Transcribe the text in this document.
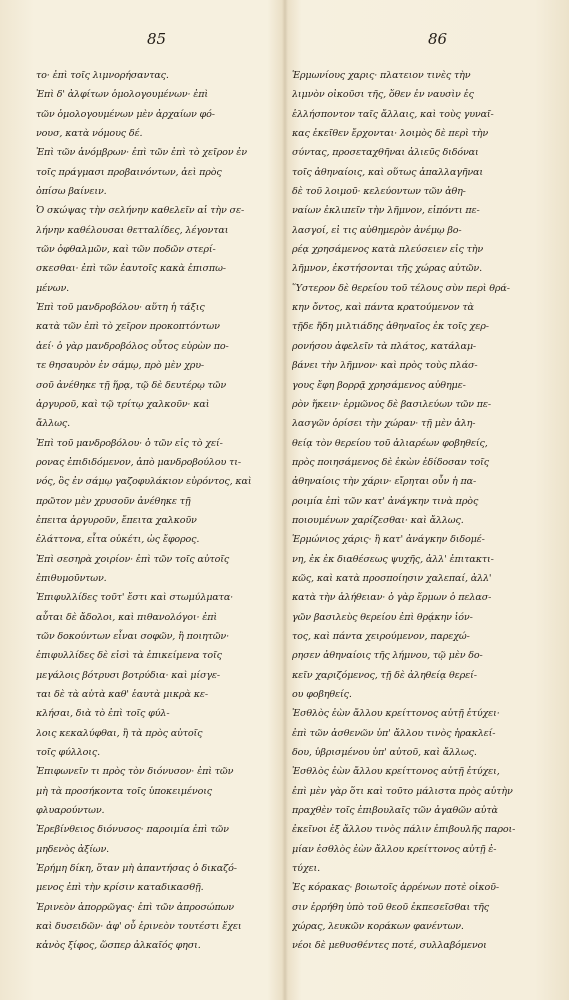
85	86
το· ἐπὶ τοῖς λιμνορήσαντας.
Ἐπὶ δ' ἀλφίτων ὁμολογουμένων· ἐπὶ
τῶν ὁμολογουμένων μὲν ἀρχαίων φό-
νουσ, κατὰ νόμους δέ.
Ἐπὶ τῶν ἀνόμβρων· ἐπὶ τῶν ἐπὶ τὸ χεῖρον ἐν
τοῖς πράγμασι προβαινόντων, ἀεὶ πρὸς
ὀπίσω βαίνειν.
Ὁ σκώψας τὴν σελήνην καθελεῖν αἱ τὴν σε-
λήνην καθέλουσαι θετταλίδες, λέγονται
τῶν ὀφθαλμῶν, καὶ τῶν ποδῶν στερί-
σκεσθαι· ἐπὶ τῶν ἑαυτοῖς κακὰ ἐπισπω-
μένων.
Ἐπὶ τοῦ μανδροβόλου· αὕτη ἡ τάξις
κατὰ τῶν ἐπὶ τὸ χεῖρον προκοπτόντων
ἀεί· ὁ γὰρ μανδροβόλος οὗτος εὑρὼν πο-
τε θησαυρὸν ἐν σάμῳ, πρὸ μὲν χρυ-
σοῦ ἀνέθηκε τῇ ἥρᾳ, τῷ δὲ δευτέρῳ τῶν
ἀργυροῦ, καὶ τῷ τρίτῳ χαλκοῦν· καὶ
ἄλλως.
Ἐπὶ τοῦ μανδροβόλου· ὁ τῶν εἰς τὸ χεί-
ρονας ἐπιδιδόμενον, ἀπὸ μανδροβούλου τι-
νός, ὃς ἐν σάμῳ γαζοφυλάκιον εὑρόντος, καὶ
πρῶτον μὲν χρυσοῦν ἀνέθηκε τῇ
ἐπειτα ἀργυροῦν, ἔπειτα χαλκοῦν
ἐλάττονα, εἶτα οὐκέτι, ὡς ἔφορος.
Ἐπὶ σεσηρὰ χοιρίον· ἐπὶ τῶν τοῖς αὐτοῖς
ἐπιθυμοῦντων.
Ἐπιφυλλίδες τοῦτ' ἔστι καὶ στωμύλματα·
αὗται δὲ ἄδολοι, καὶ πιθανολόγοι· ἐπὶ
τῶν δοκούντων εἶναι σοφῶν, ἢ ποιητῶν·
ἐπιφυλλίδες δὲ εἰσὶ τὰ ἐπικείμενα τοῖς
μεγάλοις βότρυσι βοτρύδια· καὶ μίσγε-
ται δὲ τὰ αὐτὰ καθ' ἑαυτὰ μικρὰ κε-
κλήσαι, διὰ τὸ ἐπὶ τοῖς φύλ-
λοις κεκαλύφθαι, ἢ τὰ πρὸς αὐτοῖς
τοῖς φύλλοις.
Ἐπιφωνεῖν τι πρὸς τὸν διόνυσον· ἐπὶ τῶν
μὴ τὰ προσήκοντα τοῖς ὑποκειμένοις
φλυαρούντων.
Ἐρεβίνθειος διόνυσος· παροιμία ἐπὶ τῶν
μηδενὸς ἀξίων.
Ἐρήμη δίκη, ὅταν μὴ ἀπαντήσας ὁ δικαζό-
μενος ἐπὶ τὴν κρίσιν καταδικασθῇ.
Ἐρινεὸν ἀπορρῶγας· ἐπὶ τῶν ἀπροσώπων
καὶ δυσειδῶν· ἀφ' οὗ ἐρινεὸν τουτέστι ἔχει
κἀνὸς ξίφος, ὥσπερ ἀλκαῖός φησι.
Ἑρμωνίους χαρις· πλατειον τινὲς τὴν
λιμνὸν οἰκοῦσι τῆς, ὅθεν ἐν ναυσὶν ἐς
ἑλλήσποντον ταῖς ἄλλαις, καὶ τοὺς γυναῖ-
κας ἐκεῖθεν ἔρχονται· λοιμὸς δὲ περὶ τὴν
σύντας, προσεταχθῆναι ἀλιεῦς διδόναι
τοῖς ἀθηναίοις, καὶ οὕτως ἀπαλλαγῆναι
δὲ τοῦ λοιμοῦ· κελεύοντων τῶν ἀθη-
ναίων ἐκλιπεῖν τὴν λῆμνον, εἰπόντι πε-
λασγοί, εἰ τις αὐθημερὸν ἀνέμῳ βο-
ρέᾳ χρησάμενος κατὰ πλεύσειεν εἰς τὴν
λῆμνον, ἐκστήσονται τῆς χώρας αὐτῶν.
Ὕστερον δὲ θερείου τοῦ τέλους σὺν περὶ θρά-
κην ὄντος, καὶ πάντα κρατούμενον τὰ
τῇδε ἤδη μιλτιάδης ἀθηναῖος ἐκ τοῖς χερ-
ρονήσου ἀφελεῖν τὰ πλάτος, κατάλαμ-
βάνει τὴν λῆμνον· καὶ πρὸς τοὺς πλάσ-
γους ἔφη βορρᾷ χρησάμενος αὐθημε-
ρὸν ἥκειν· ἐρμῶνος δὲ βασιλεύων τῶν πε-
λασγῶν ὁρίσει τὴν χώραν· τῇ μὲν ἀλη-
θείᾳ τὸν θερείου τοῦ ἀλιαρέων φοβηθείς,
πρὸς ποιησάμενος δὲ ἑκὼν ἐδίδοσαν τοῖς
ἀθηναίοις τὴν χάριν· εἴρηται οὖν ἡ πα-
ροιμία ἐπὶ τῶν κατ' ἀνάγκην τινὰ πρὸς
ποιουμένων χαρίζεσθαι· καὶ ἄλλως.
Ἑρμώνιος χάρις· ἢ κατ' ἀνάγκην διδομέ-
νη, ἐκ ἐκ διαθέσεως ψυχῆς, ἀλλ' ἐπιτακτι-
κῶς, καὶ κατὰ προσποίησιν χαλεπαί, ἀλλ'
κατὰ τὴν ἀλήθειαν· ὁ γὰρ ἕρμων ὁ πελασ-
γῶν βασιλεὺς θερείου ἐπὶ θρᾴκην ἰόν-
τος, καὶ πάντα χειρούμενον, παρεχώ-
ρησεν ἀθηναίοις τῆς λήμνου, τῷ μὲν δο-
κεῖν χαριζόμενος, τῇ δὲ ἀληθείᾳ θερεί-
ου φοβηθείς.
Ἐσθλὸς ἐὼν ἄλλου κρείττονος αὐτῇ ἐτύχει·
ἐπὶ τῶν ἀσθενῶν ὑπ' ἄλλου τινὸς ἡρακλεί-
δου, ὑβρισμένου ὑπ' αὐτοῦ, καὶ ἄλλως.
Ἐσθλὸς ἐὼν ἄλλου κρείττονος αὐτῇ ἐτύχει,
ἐπὶ μὲν γὰρ ὅτι καὶ τοῦτο μάλιστα πρὸς αὐτὴν
πραχθὲν τοῖς ἐπιβουλαῖς τῶν ἀγαθῶν αὐτὰ
ἐκεῖνοι ἐξ ἄλλου τινὸς πάλιν ἐπιβουλῆς παροι-
μίαν ἐσθλὸς ἐὼν ἄλλου κρείττονος αὐτῇ ἐ-
τύχει.
Ἐς κόρακας· βοιωτοῖς ἀρρένων ποτὲ οἰκοῦ-
σιν ἐρρήθη ὑπὸ τοῦ θεοῦ ἐκπεσεῖσθαι τῆς
χώρας, λευκῶν κοράκων φανέντων.
νέοι δὲ μεθυσθέντες ποτέ, συλλαβόμενοι
